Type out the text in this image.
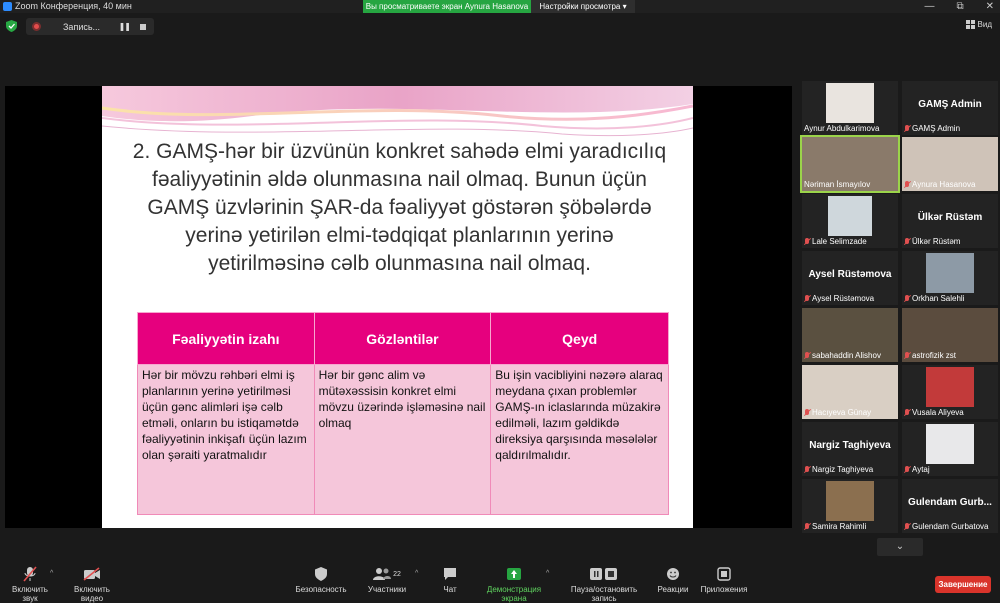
Zoom Конференция, 40 мин	Вы просматриваете экран Aynura Hasanova	Настройки просмотра ▾	— ⧉ ✕
Запись... ❚❚	Вид
2. GAMŞ-hər bir üzvünün konkret sahədə elmi yaradıcılıq fəaliyyətinin əldə olunmasına nail olmaq. Bunun üçün GAMŞ üzvlərinin ŞAR-da fəaliyyət göstərən şöbələrdə yerinə yetirilən elmi-tədqiqat planlarının yerinə yetirilməsinə cəlb olunmasına nail olmaq.
Fəaliyyətin izahı	Gözləntilər	Qeyd
Hər bir mövzu rəhbəri elmi iş planlarının yerinə yetirilməsi üçün gənc alimləri işə cəlb etməli, onların bu istiqamətdə fəaliyyətinin inkişafı üçün lazım olan şəraiti yaratmalıdır	Hər bir gənc alim və mütəxəssisin konkret elmi mövzu üzərində işləməsinə nail olmaq	Bu işin vacibliyini nəzərə alaraq meydana çıxan problemlər GAMŞ-ın iclaslarında müzakirə edilməli, lazım gəldikdə direksiya qarşısında məsələlər qaldırılmalıdır.
Aynur Abdulkarimova
GAMŞ Admin
GAMŞ Admin
Nəriman İsmayılov	Aynura Hasanova
Lale Selimzade
Ülkər Rüstəm
Ülkər Rüstəm
Aysel Rüstəmova
Aysel Rüstəmova	Orkhan Salehli
sabahaddin Alishov	astrofizik zst
Hacıyeva Günay	Vusala Aliyeva
Nargiz Taghiyeva
Nargiz Taghiyeva	Aytaj
Samira Rahimli
Gulendam Gurb...
Gulendam Gurbatova
⌄
Включить звук
^
Включить видео
Безопасность
22
Участники
^
Чат	Демонстрация экрана
^
Пауза/остановить запись
Реакции Приложения
Завершение
